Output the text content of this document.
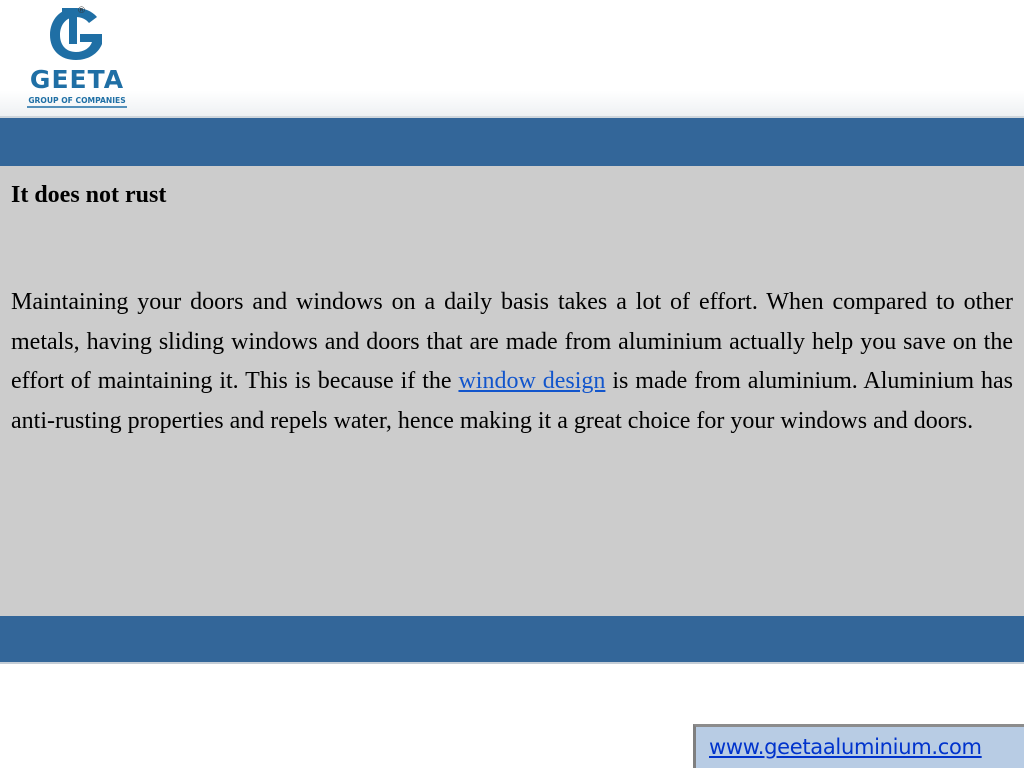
®
GEETA
GROUP OF COMPANIES

It does not rust

Maintaining your doors and windows on a daily basis takes a lot of effort. When compared to other metals, having sliding windows and doors that are made from aluminium actually help you save on the effort of maintaining it. This is because if the window design is made from aluminium. Aluminium has anti-rusting properties and repels water, hence making it a great choice for your windows and doors.

www.geetaaluminium.com
